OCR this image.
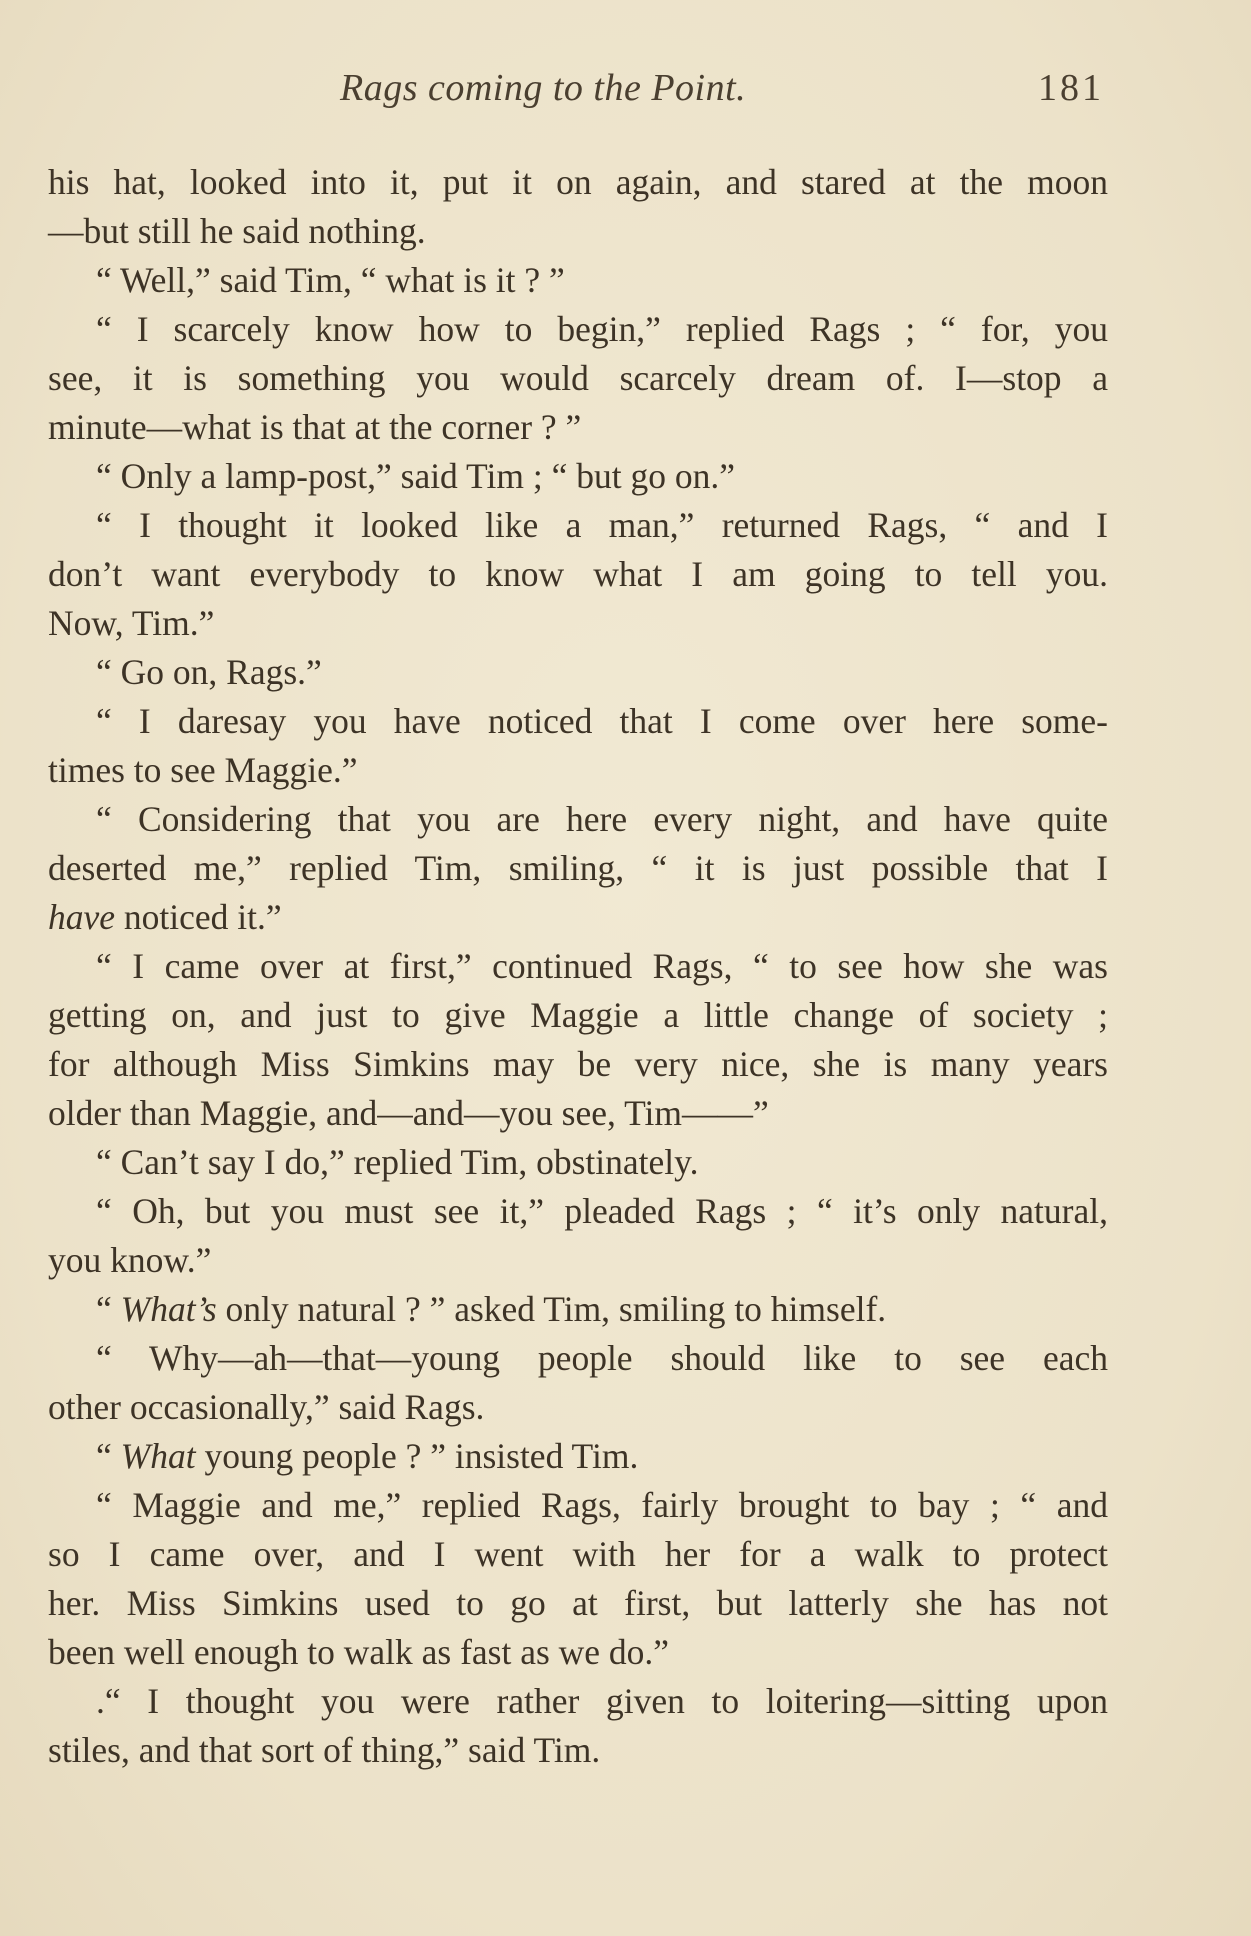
Rags coming to the Point.	181
his hat, looked into it, put it on again, and stared at the moon
—but still he said nothing.
“ Well,” said Tim, “ what is it ? ”
“ I scarcely know how to begin,” replied Rags ; “ for, you
see, it is something you would scarcely dream of. I—stop a
minute—what is that at the corner ? ”
“ Only a lamp-post,” said Tim ; “ but go on.”
“ I thought it looked like a man,” returned Rags, “ and I
don’t want everybody to know what I am going to tell you.
Now, Tim.”
“ Go on, Rags.”
“ I daresay you have noticed that I come over here some-
times to see Maggie.”
“ Considering that you are here every night, and have quite
deserted me,” replied Tim, smiling, “ it is just possible that I
have noticed it.”
“ I came over at first,” continued Rags, “ to see how she was
getting on, and just to give Maggie a little change of society ;
for although Miss Simkins may be very nice, she is many years
older than Maggie, and—and—you see, Tim——”
“ Can’t say I do,” replied Tim, obstinately.
“ Oh, but you must see it,” pleaded Rags ; “ it’s only natural,
you know.”
“ What’s only natural ? ” asked Tim, smiling to himself.
“ Why—ah—that—young people should like to see each
other occasionally,” said Rags.
“ What young people ? ” insisted Tim.
“ Maggie and me,” replied Rags, fairly brought to bay ; “ and
so I came over, and I went with her for a walk to protect
her. Miss Simkins used to go at first, but latterly she has not
been well enough to walk as fast as we do.”
.“ I thought you were rather given to loitering—sitting upon
stiles, and that sort of thing,” said Tim.
